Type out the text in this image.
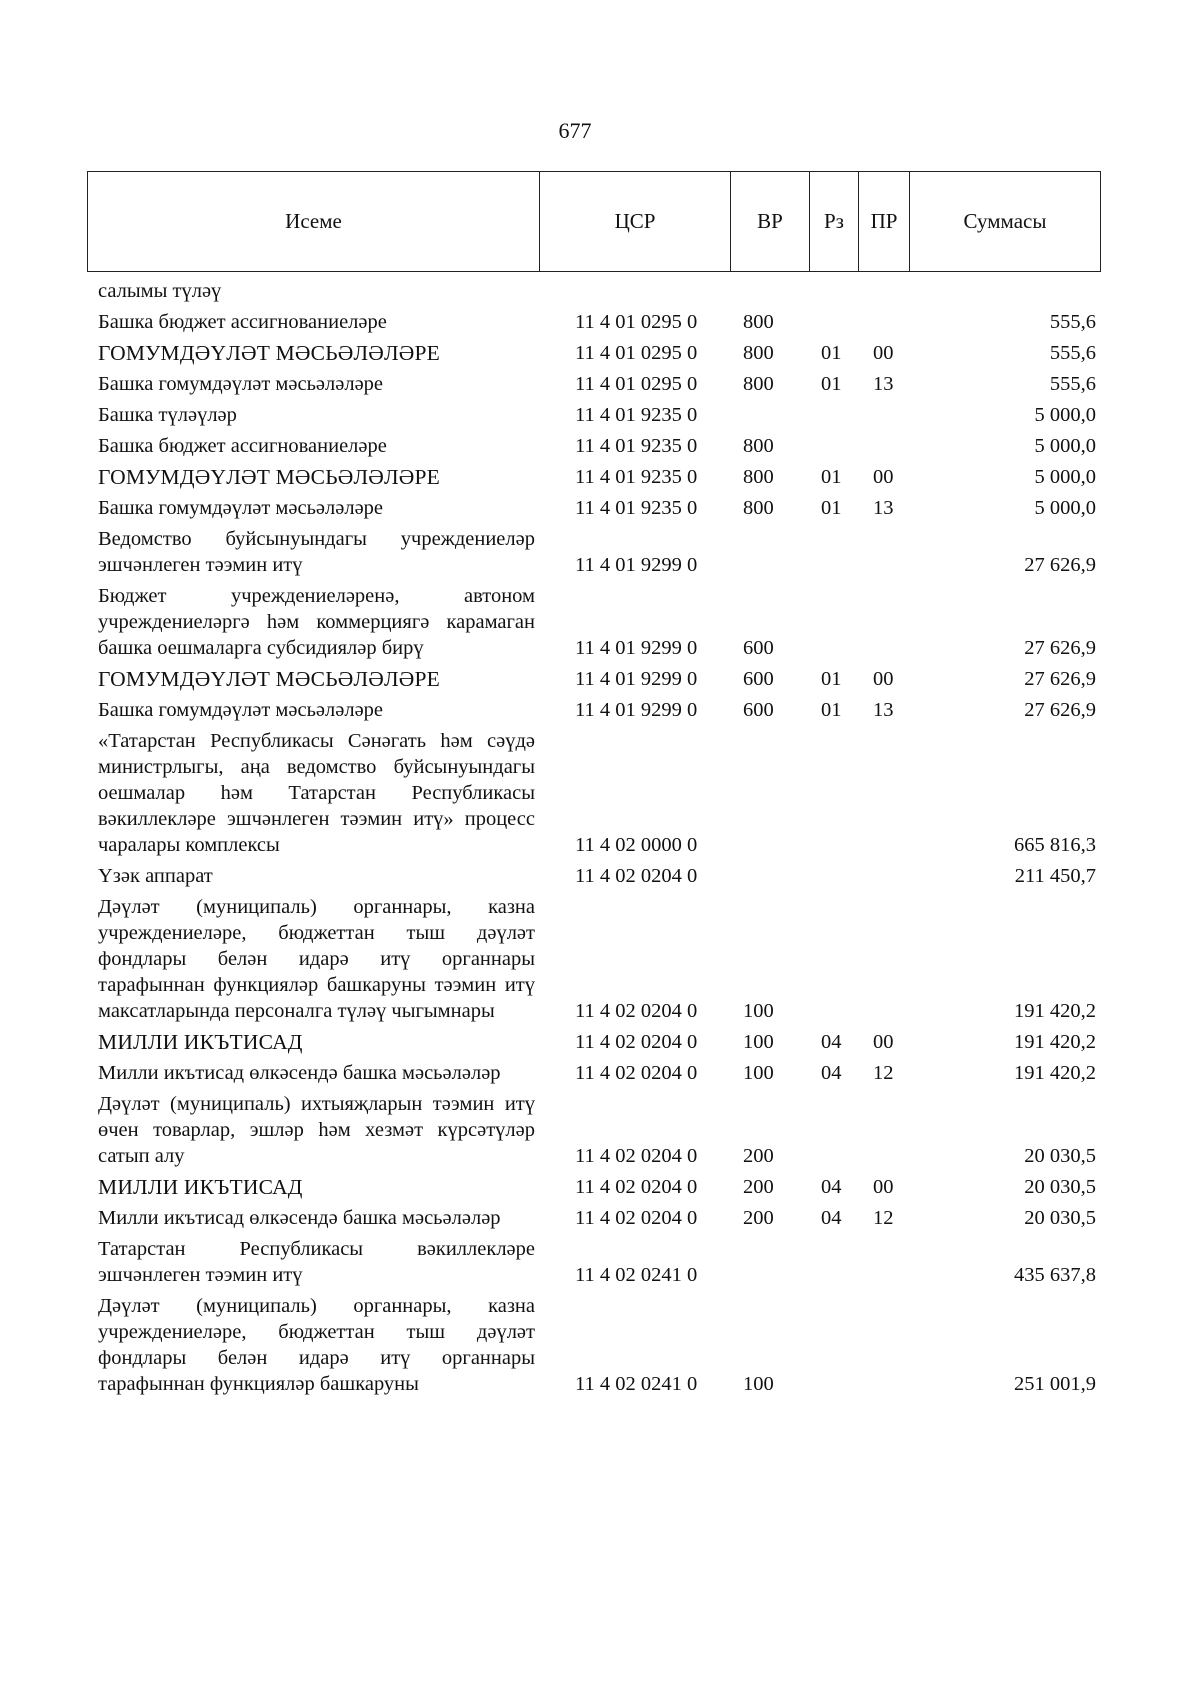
677
Исеме	ЦСР	ВР	Рз	ПР	Суммасы
салымы түләү					
Башка бюджет ассигнованиеләре	11 4 01 0295 0	800			555,6
ГОМУМДӘҮЛӘТ МӘСЬӘЛӘЛӘРЕ	11 4 01 0295 0	800	01	00	555,6
Башка гомумдәүләт мәсьәләләре	11 4 01 0295 0	800	01	13	555,6
Башка түләүләр	11 4 01 9235 0				5 000,0
Башка бюджет ассигнованиеләре	11 4 01 9235 0	800			5 000,0
ГОМУМДӘҮЛӘТ МӘСЬӘЛӘЛӘРЕ	11 4 01 9235 0	800	01	00	5 000,0
Башка гомумдәүләт мәсьәләләре	11 4 01 9235 0	800	01	13	5 000,0
Ведомство буйсынуындагы учреждениеләр эшчәнлеген тәэмин итү	11 4 01 9299 0				27 626,9
Бюджет учреждениеләренә, автоном учреждениеләргә һәм коммерциягә карамаган башка оешмаларга субсидияләр бирү	11 4 01 9299 0	600			27 626,9
ГОМУМДӘҮЛӘТ МӘСЬӘЛӘЛӘРЕ	11 4 01 9299 0	600	01	00	27 626,9
Башка гомумдәүләт мәсьәләләре	11 4 01 9299 0	600	01	13	27 626,9
«Татарстан Республикасы Сәнәгать һәм сәүдә министрлыгы, аңа ведомство буйсынуындагы оешмалар һәм Татарстан Республикасы вәкиллекләре эшчәнлеген тәэмин итү» процесс чаралары комплексы	11 4 02 0000 0				665 816,3
Үзәк аппарат	11 4 02 0204 0				211 450,7
Дәүләт (муниципаль) органнары, казна учреждениеләре, бюджеттан тыш дәүләт фондлары белән идарә итү органнары тарафыннан функцияләр башкаруны тәэмин итү максатларында персоналга түләү чыгымнары	11 4 02 0204 0	100			191 420,2
МИЛЛИ ИКЪТИСАД	11 4 02 0204 0	100	04	00	191 420,2
Милли икътисад өлкәсендә башка мәсьәләләр	11 4 02 0204 0	100	04	12	191 420,2
Дәүләт (муниципаль) ихтыяҗларын тәэмин итү өчен товарлар, эшләр һәм хезмәт күрсәтүләр сатып алу	11 4 02 0204 0	200			20 030,5
МИЛЛИ ИКЪТИСАД	11 4 02 0204 0	200	04	00	20 030,5
Милли икътисад өлкәсендә башка мәсьәләләр	11 4 02 0204 0	200	04	12	20 030,5
Татарстан Республикасы вәкиллекләре эшчәнлеген тәэмин итү	11 4 02 0241 0				435 637,8
Дәүләт (муниципаль) органнары, казна учреждениеләре, бюджеттан тыш дәүләт фондлары белән идарә итү органнары тарафыннан функцияләр башкаруны	11 4 02 0241 0	100			251 001,9
